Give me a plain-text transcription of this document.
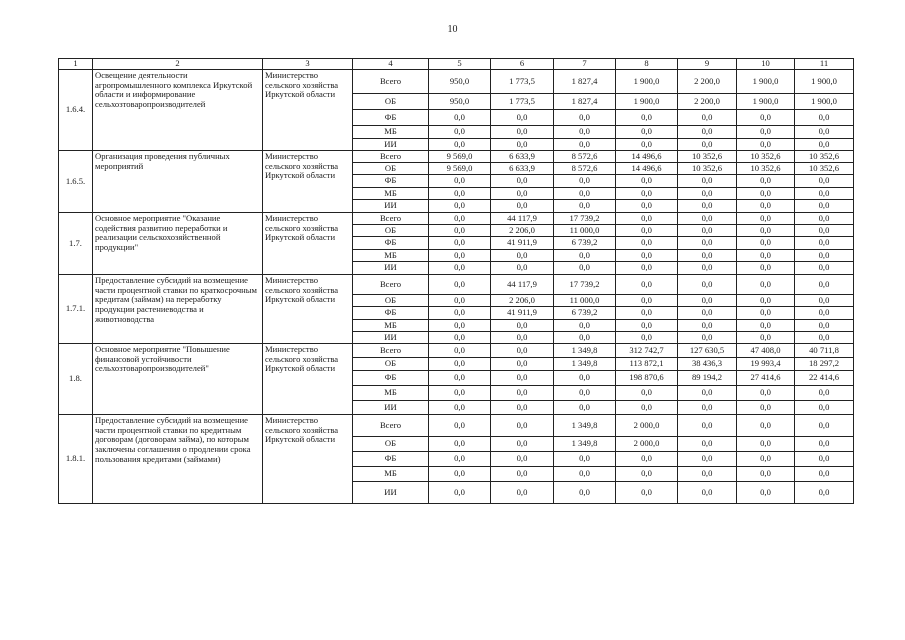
10
1	2	3	4	5	6	7	8	9	10	11
1.6.4.	Освещение деятельности агропромышленного комплекса Иркутской области и информирование сельхозтоваропроизводителей	Министерство сельского хозяйства Иркутской области	Всего	950,0	1 773,5	1 827,4	1 900,0	2 200,0	1 900,0	1 900,0
			ОБ	950,0	1 773,5	1 827,4	1 900,0	2 200,0	1 900,0	1 900,0
			ФБ	0,0	0,0	0,0	0,0	0,0	0,0	0,0
			МБ	0,0	0,0	0,0	0,0	0,0	0,0	0,0
			ИИ	0,0	0,0	0,0	0,0	0,0	0,0	0,0
1.6.5.	Организация проведения публичных мероприятий	Министерство сельского хозяйства Иркутской области	Всего	9 569,0	6 633,9	8 572,6	14 496,6	10 352,6	10 352,6	10 352,6
			ОБ	9 569,0	6 633,9	8 572,6	14 496,6	10 352,6	10 352,6	10 352,6
			ФБ	0,0	0,0	0,0	0,0	0,0	0,0	0,0
			МБ	0,0	0,0	0,0	0,0	0,0	0,0	0,0
			ИИ	0,0	0,0	0,0	0,0	0,0	0,0	0,0
1.7.	Основное мероприятие "Оказание содействия развитию переработки и реализации сельскохозяйственной продукции"	Министерство сельского хозяйства Иркутской области	Всего	0,0	44 117,9	17 739,2	0,0	0,0	0,0	0,0
			ОБ	0,0	2 206,0	11 000,0	0,0	0,0	0,0	0,0
			ФБ	0,0	41 911,9	6 739,2	0,0	0,0	0,0	0,0
			МБ	0,0	0,0	0,0	0,0	0,0	0,0	0,0
			ИИ	0,0	0,0	0,0	0,0	0,0	0,0	0,0
1.7.1.	Предоставление субсидий на возмещение части процентной ставки по краткосрочным кредитам (займам) на переработку продукции растениеводства и животноводства	Министерство сельского хозяйства Иркутской области	Всего	0,0	44 117,9	17 739,2	0,0	0,0	0,0	0,0
			ОБ	0,0	2 206,0	11 000,0	0,0	0,0	0,0	0,0
			ФБ	0,0	41 911,9	6 739,2	0,0	0,0	0,0	0,0
			МБ	0,0	0,0	0,0	0,0	0,0	0,0	0,0
			ИИ	0,0	0,0	0,0	0,0	0,0	0,0	0,0
1.8.	Основное мероприятие "Повышение финансовой устойчивости сельхозтоваропроизводителей"	Министерство сельского хозяйства Иркутской области	Всего	0,0	0,0	1 349,8	312 742,7	127 630,5	47 408,0	40 711,8
			ОБ	0,0	0,0	1 349,8	113 872,1	38 436,3	19 993,4	18 297,2
			ФБ	0,0	0,0	0,0	198 870,6	89 194,2	27 414,6	22 414,6
			МБ	0,0	0,0	0,0	0,0	0,0	0,0	0,0
			ИИ	0,0	0,0	0,0	0,0	0,0	0,0	0,0
1.8.1.	Предоставление субсидий на возмещение части процентной ставки по кредитным договорам (договорам займа), по которым заключены соглашения о продлении срока пользования кредитами (займами)	Министерство сельского хозяйства Иркутской области	Всего	0,0	0,0	1 349,8	2 000,0	0,0	0,0	0,0
			ОБ	0,0	0,0	1 349,8	2 000,0	0,0	0,0	0,0
			ФБ	0,0	0,0	0,0	0,0	0,0	0,0	0,0
			МБ	0,0	0,0	0,0	0,0	0,0	0,0	0,0
			ИИ	0,0	0,0	0,0	0,0	0,0	0,0	0,0
